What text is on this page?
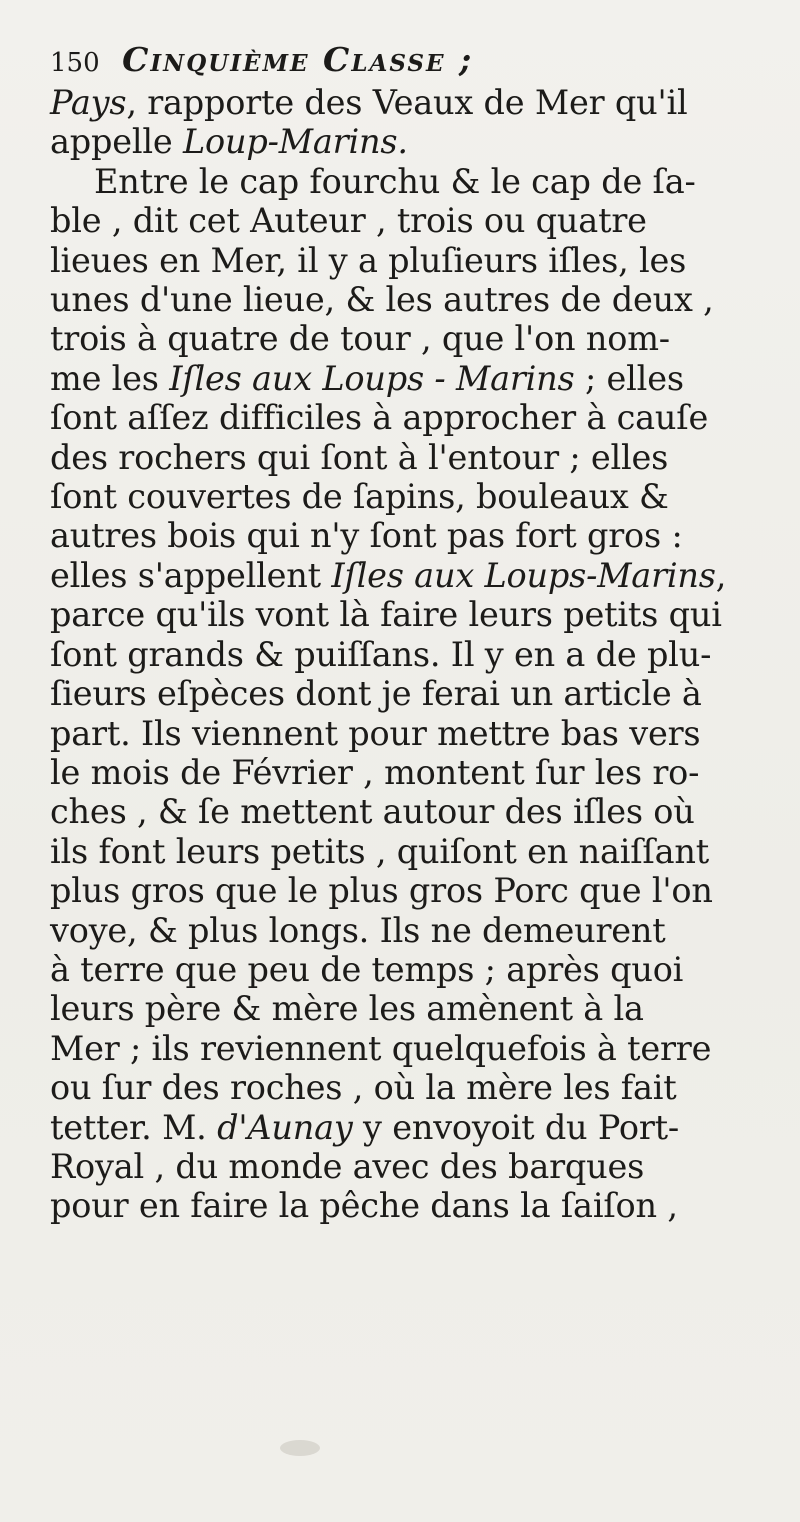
150 Cinquième Classe ;
Pays, rapporte des Veaux de Mer qu'il
appelle Loup-Marins.
Entre le cap fourchu & le cap de ſa-
ble , dit cet Auteur , trois ou quatre
lieues en Mer, il y a pluſieurs iſles, les
unes d'une lieue, & les autres de deux ,
trois à quatre de tour , que l'on nom-
me les Iſles aux Loups - Marins ; elles
ſont aſſez difficiles à approcher à cauſe
des rochers qui ſont à l'entour ; elles
ſont couvertes de ſapins, bouleaux &
autres bois qui n'y ſont pas fort gros :
elles s'appellent Iſles aux Loups-Marins,
parce qu'ils vont là faire leurs petits qui
ſont grands & puiſſans. Il y en a de plu-
ſieurs eſpèces dont je ferai un article à
part. Ils viennent pour mettre bas vers
le mois de Février , montent ſur les ro-
ches , & ſe mettent autour des iſles où
ils font leurs petits , quiſont en naiſſant
plus gros que le plus gros Porc que l'on
voye, & plus longs. Ils ne demeurent
à terre que peu de temps ; après quoi
leurs père & mère les amènent à la
Mer ; ils reviennent quelquefois à terre
ou ſur des roches , où la mère les fait
tetter. M. d'Aunay y envoyoit du Port-
Royal , du monde avec des barques
pour en faire la pêche dans la ſaiſon ,
